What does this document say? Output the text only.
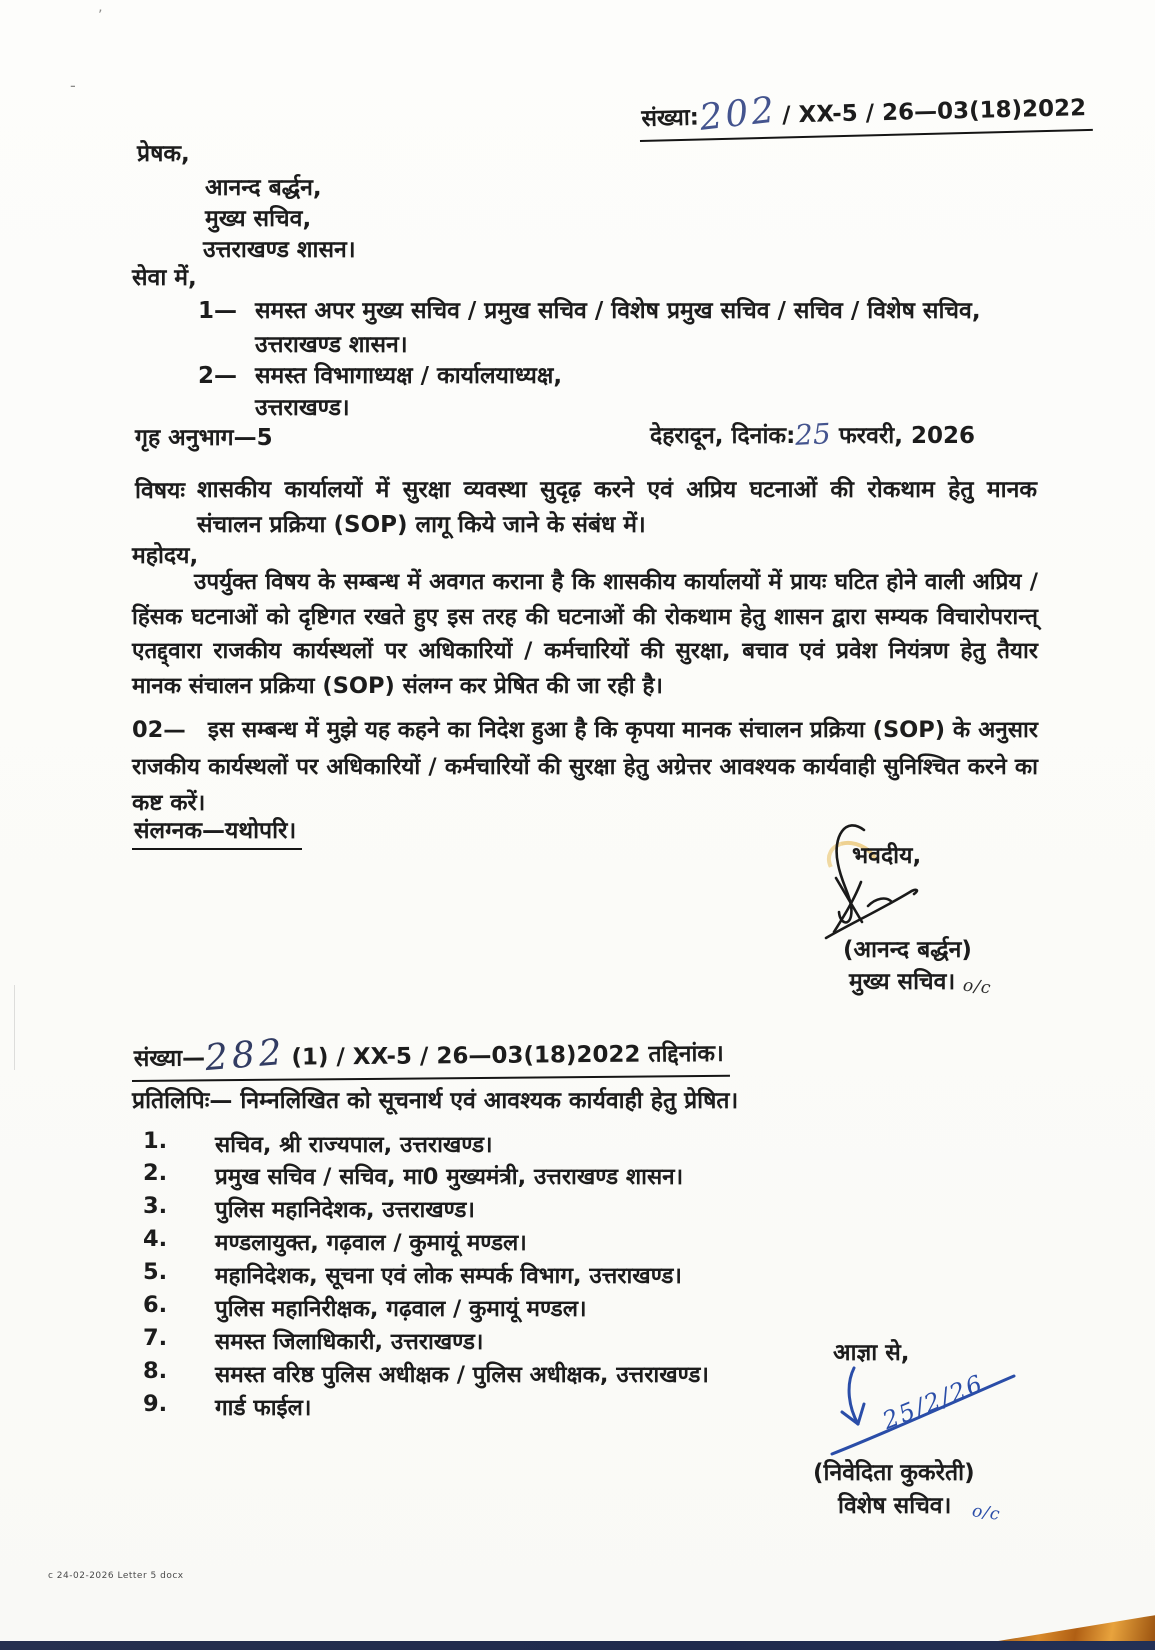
’
-
संख्या:202 / XX-5 / 26—03(18)2022
प्रेषक,
आनन्द बर्द्धन,
मुख्य सचिव,
उत्तराखण्ड शासन।
सेवा में,
1— समस्त अपर मुख्य सचिव / प्रमुख सचिव / विशेष प्रमुख सचिव / सचिव / विशेष सचिव,
उत्तराखण्ड शासन।
2— समस्त विभागाध्यक्ष / कार्यालयाध्यक्ष,
उत्तराखण्ड।
गृह अनुभाग—5	देहरादून, दिनांक:25 फरवरी, 2026
विषयः शासकीय कार्यालयों में सुरक्षा व्यवस्था सुदृढ़ करने एवं अप्रिय घटनाओं की रोकथाम हेतु मानक संचालन प्रक्रिया (SOP) लागू किये जाने के संबंध में।
महोदय,
उपर्युक्त विषय के सम्बन्ध में अवगत कराना है कि शासकीय कार्यालयों में प्रायः घटित होने वाली अप्रिय / हिंसक घटनाओं को दृष्टिगत रखते हुए इस तरह की घटनाओं की रोकथाम हेतु शासन द्वारा सम्यक विचारोपरान्त् एतद्द्वारा राजकीय कार्यस्थलों पर अधिकारियों / कर्मचारियों की सुरक्षा, बचाव एवं प्रवेश नियंत्रण हेतु तैयार मानक संचालन प्रक्रिया (SOP) संलग्न कर प्रेषित की जा रही है।
02— इस सम्बन्ध में मुझे यह कहने का निदेश हुआ है कि कृपया मानक संचालन प्रक्रिया (SOP) के अनुसार राजकीय कार्यस्थलों पर अधिकारियों / कर्मचारियों की सुरक्षा हेतु अग्रेत्तर आवश्यक कार्यवाही सुनिश्चित करने का कष्ट करें।
संलग्नक—यथोपरि।
भवदीय,
(आनन्द बर्द्धन)
मुख्य सचिव। o/c
संख्या—282 (1) / XX-5 / 26—03(18)2022 तद्दिनांक।
प्रतिलिपिः— निम्नलिखित को सूचनार्थ एवं आवश्यक कार्यवाही हेतु प्रेषित।
1. सचिव, श्री राज्यपाल, उत्तराखण्ड।
2. प्रमुख सचिव / सचिव, मा0 मुख्यमंत्री, उत्तराखण्ड शासन।
3. पुलिस महानिदेशक, उत्तराखण्ड।
4. मण्डलायुक्त, गढ़वाल / कुमायूं मण्डल।
5. महानिदेशक, सूचना एवं लोक सम्पर्क विभाग, उत्तराखण्ड।
6. पुलिस महानिरीक्षक, गढ़वाल / कुमायूं मण्डल।
7. समस्त जिलाधिकारी, उत्तराखण्ड।
8. समस्त वरिष्ठ पुलिस अधीक्षक / पुलिस अधीक्षक, उत्तराखण्ड।
9. गार्ड फाईल।
आज्ञा से,
25/2/26
(निवेदिता कुकरेती)
विशेष सचिव। o/c
c 24-02-2026 Letter 5 docx
